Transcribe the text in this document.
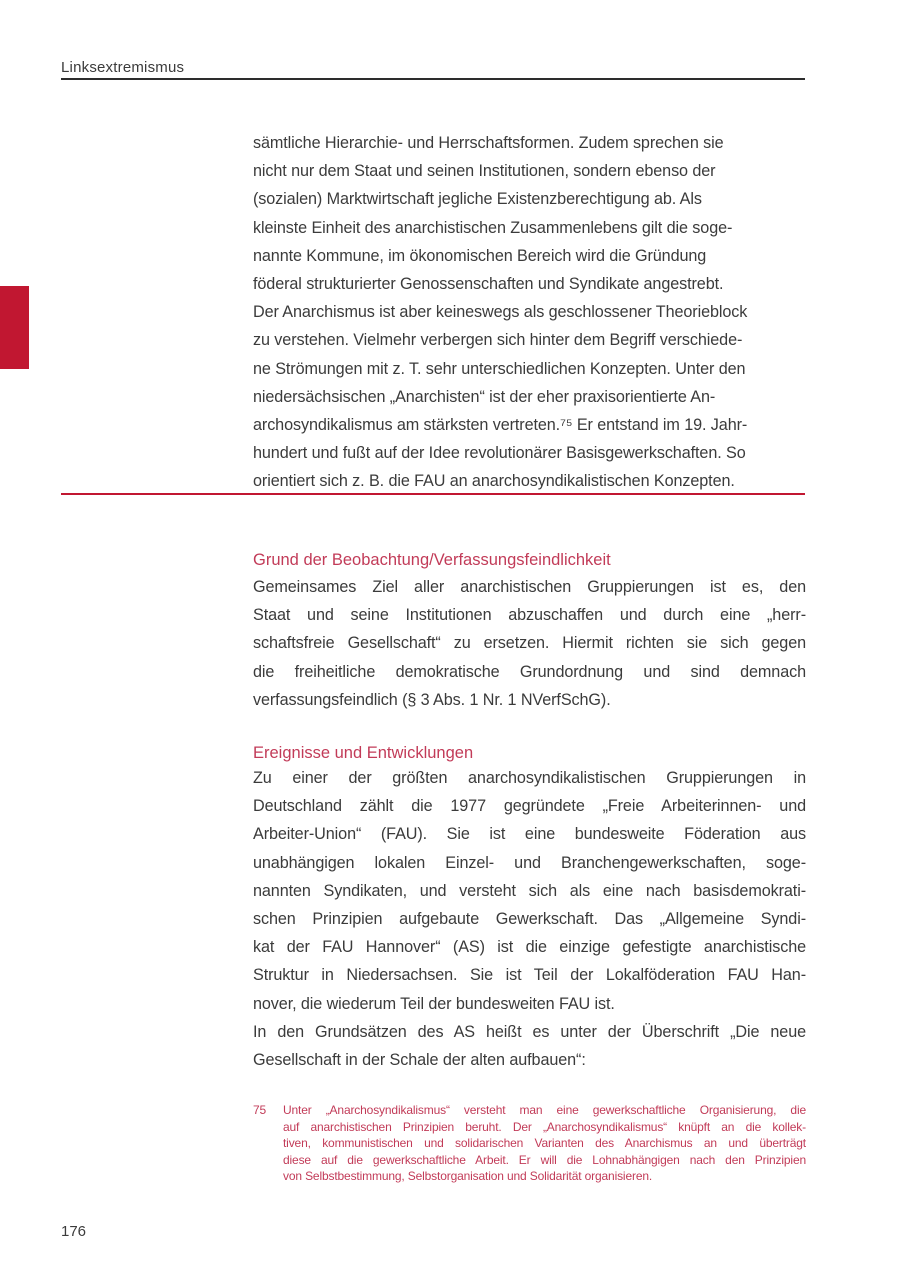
Linksextremismus
sämtliche Hierarchie- und Herrschaftsformen. Zudem sprechen sie
nicht nur dem Staat und seinen Institutionen, sondern ebenso der
(sozialen) Marktwirtschaft jegliche Existenzberechtigung ab. Als
kleinste Einheit des anarchistischen Zusammenlebens gilt die soge-
nannte Kommune, im ökonomischen Bereich wird die Gründung
föderal strukturierter Genossenschaften und Syndikate angestrebt.
Der Anarchismus ist aber keineswegs als geschlossener Theorieblock
zu verstehen. Vielmehr verbergen sich hinter dem Begriff verschiede-
ne Strömungen mit z. T. sehr unterschiedlichen Konzepten. Unter den
niedersächsischen „Anarchisten“ ist der eher praxisorientierte An-
archosyndikalismus am stärksten vertreten.⁷⁵ Er entstand im 19. Jahr-
hundert und fußt auf der Idee revolutionärer Basisgewerkschaften. So
orientiert sich z. B. die FAU an anarchosyndikalistischen Konzepten.
Grund der Beobachtung/Verfassungsfeindlichkeit
Gemeinsames Ziel aller anarchistischen Gruppierungen ist es, den
Staat und seine Institutionen abzuschaffen und durch eine „herr-
schaftsfreie Gesellschaft“ zu ersetzen. Hiermit richten sie sich gegen
die freiheitliche demokratische Grundordnung und sind demnach
verfassungsfeindlich (§ 3 Abs. 1 Nr. 1 NVerfSchG).
Ereignisse und Entwicklungen
Zu einer der größten anarchosyndikalistischen Gruppierungen in
Deutschland zählt die 1977 gegründete „Freie Arbeiterinnen- und
Arbeiter-Union“ (FAU). Sie ist eine bundesweite Föderation aus
unabhängigen lokalen Einzel- und Branchengewerkschaften, soge-
nannten Syndikaten, und versteht sich als eine nach basisdemokrati-
schen Prinzipien aufgebaute Gewerkschaft. Das „Allgemeine Syndi-
kat der FAU Hannover“ (AS) ist die einzige gefestigte anarchistische
Struktur in Niedersachsen. Sie ist Teil der Lokalföderation FAU Han-
nover, die wiederum Teil der bundesweiten FAU ist.
In den Grundsätzen des AS heißt es unter der Überschrift „Die neue
Gesellschaft in der Schale der alten aufbauen“:
75 Unter „Anarchosyndikalismus“ versteht man eine gewerkschaftliche Organisierung, die
auf anarchistischen Prinzipien beruht. Der „Anarchosyndikalismus“ knüpft an die kollek-
tiven, kommunistischen und solidarischen Varianten des Anarchismus an und überträgt
diese auf die gewerkschaftliche Arbeit. Er will die Lohnabhängigen nach den Prinzipien
von Selbstbestimmung, Selbstorganisation und Solidarität organisieren.
176
